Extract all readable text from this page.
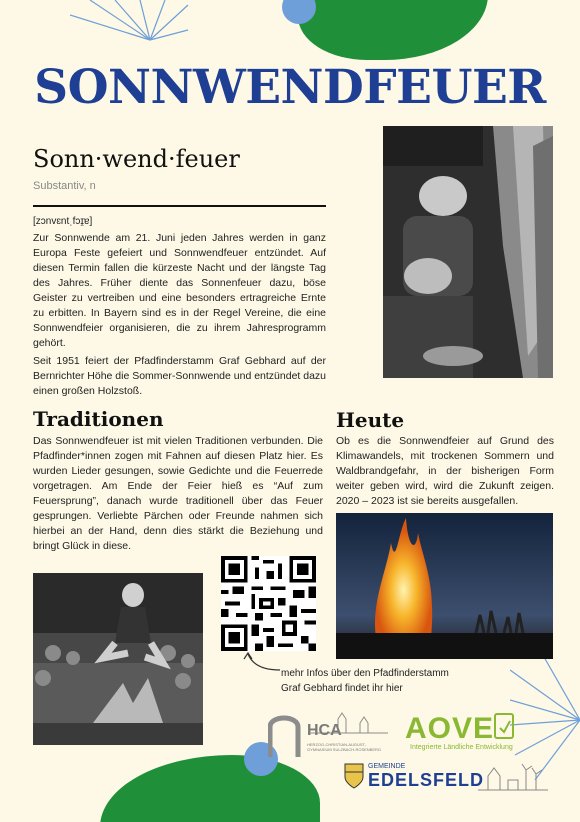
SONNWENDFEUER
Sonn·wend·feuer
Substantiv, n
[zɔnvɛntˌfɔɪ̯ɐ]
Zur Sonnwende am 21. Juni jeden Jahres werden in ganz Europa Feste gefeiert und Sonnwendfeuer entzündet. Auf diesen Termin fallen die kürzeste Nacht und der längste Tag des Jahres. Früher diente das Sonnenfeuer dazu, böse Geister zu vertreiben und eine besonders ertragreiche Ernte zu erbitten. In Bayern sind es in der Regel Vereine, die eine Sonnwendfeier organisieren, die zu ihrem Jahresprogramm gehört.
Seit 1951 feiert der Pfadfinderstamm Graf Gebhard auf der Bernrichter Höhe die Sommer-Sonnwende und entzündet dazu einen großen Holzstoß.
Traditionen
Das Sonnwendfeuer ist mit vielen Traditionen verbunden. Die Pfadfinder*innen zogen mit Fahnen auf diesen Platz hier. Es wurden Lieder gesungen, sowie Gedichte und die Feuerrede vorgetragen. Am Ende der Feier hieß es “Auf zum Feuersprung”, danach wurde traditionell über das Feuer gesprungen. Verliebte Pärchen oder Freunde nahmen sich hierbei an der Hand, denn dies stärkt die Beziehung und bringt Glück in diese.
Heute
Ob es die Sonnwendfeier auf Grund des Klimawandels, mit trockenen Sommern und Waldbrandgefahr, in der bisherigen Form weiter geben wird, wird die Zukunft zeigen. 2020 – 2023 ist sie bereits ausgefallen.
mehr Infos über den Pfadfinderstamm
Graf Gebhard findet ihr hier
HCA
HERZOG-CHRISTIAN-AUGUST-GYMNASIUM SULZBACH-ROSENBERG
AOVE
Integrierte Ländliche Entwicklung
GEMEINDE
EDELSFELD
